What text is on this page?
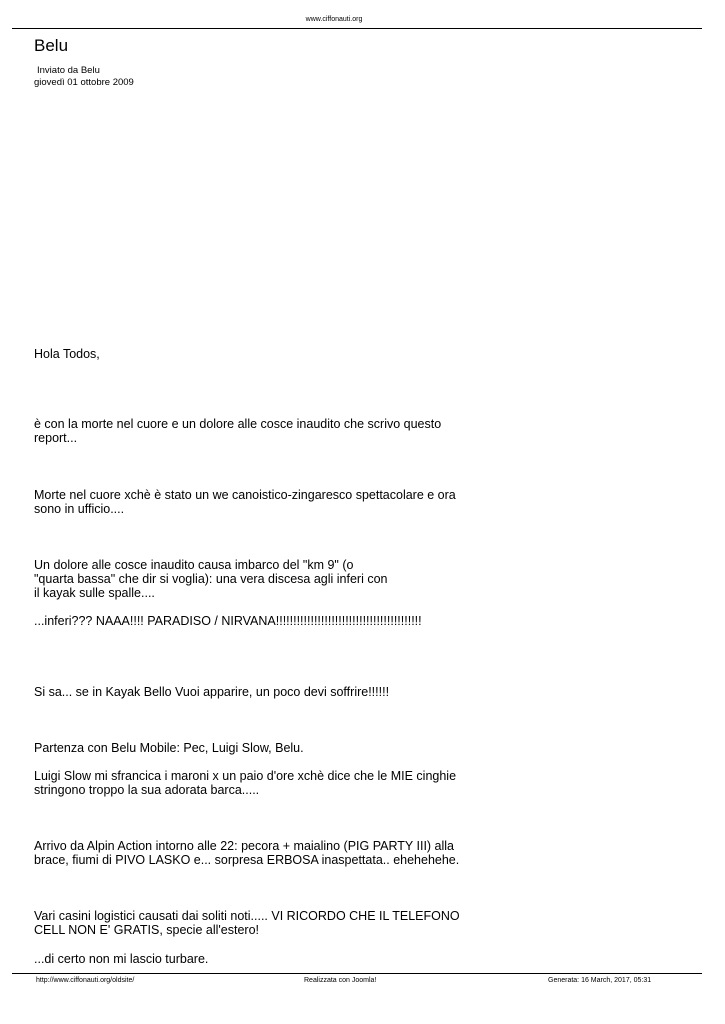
www.ciffonauti.org
Belu
Inviato da Belu
giovedì 01 ottobre 2009

Hola Todos,

è con la morte nel cuore e un dolore alle cosce inaudito che scrivo questo
report...

Morte nel cuore xchè è stato un we canoistico-zingaresco spettacolare e ora
sono in ufficio....

Un dolore alle cosce inaudito causa imbarco del "km 9" (o
"quarta bassa" che dir si voglia): una vera discesa agli inferi con
il kayak sulle spalle....

...inferi??? NAAA!!!! PARADISO / NIRVANA!!!!!!!!!!!!!!!!!!!!!!!!!!!!!!!!!!!!!!!!!!

Si sa... se in Kayak Bello Vuoi apparire, un poco devi soffrire!!!!!!

Partenza con Belu Mobile: Pec, Luigi Slow, Belu.

Luigi Slow mi sfrancica i maroni x un paio d'ore xchè dice che le MIE cinghie
stringono troppo la sua adorata barca.....

Arrivo da Alpin Action intorno alle 22: pecora + maialino (PIG PARTY III) alla
brace, fiumi di PIVO LASKO e... sorpresa ERBOSA inaspettata.. ehehehehe.

Vari casini logistici causati dai soliti noti..... VI RICORDO CHE IL TELEFONO
CELL NON E' GRATIS, specie all'estero!

...di certo non mi lascio turbare.

http://www.ciffonauti.org/oldsite/	Realizzata con Joomla!	Generata: 16 March, 2017, 05:31
